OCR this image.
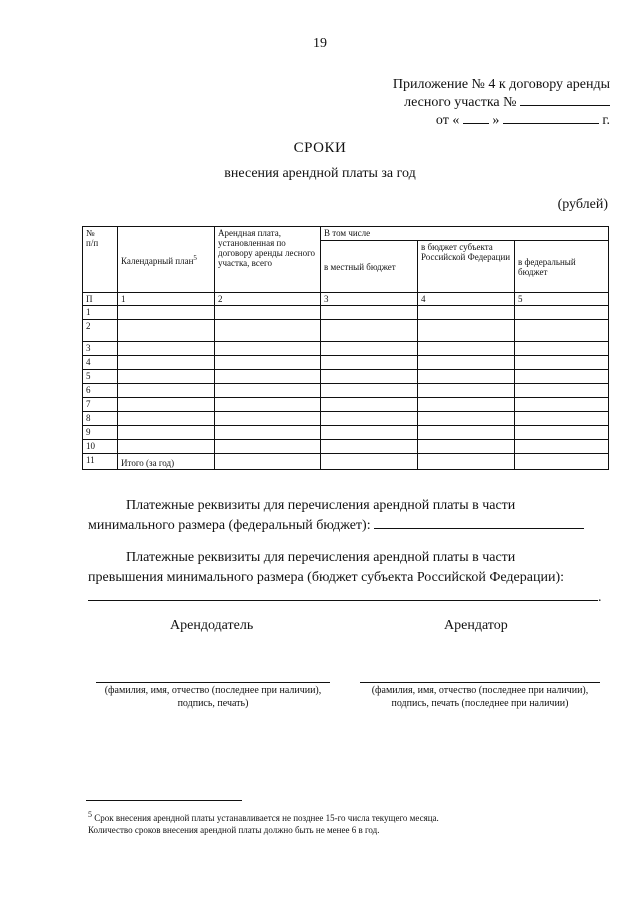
19
Приложение № 4 к договору аренды
лесного участка №
от « »	г.
СРОКИ
внесения арендной платы за год
(рублей)
№
п/п	Календарный план$^5$	Арендная плата, установленная по договору аренды лесного участка, всего	В том числе		
			в местный бюджет	в бюджет субъекта Российской Федерации	в федеральный бюджет
П	1	2	3	4	5
1					
2					
3					
4					
5					
6					
7					
8					
9					
10					
11	Итого (за год)				
Платежные реквизиты для перечисления арендной платы в части
минимального размера (федеральный бюджет):
Платежные реквизиты для перечисления арендной платы в части
превышения минимального размера (бюджет субъекта Российской Федерации):
.
Арендодатель	Арендатор
(фамилия, имя, отчество (последнее при наличии),
подпись, печать)
(фамилия, имя, отчество (последнее при наличии),
подпись, печать (последнее при наличии)
$^5$ Срок внесения арендной платы устанавливается не позднее 15-го числа текущего месяца.
Количество сроков внесения арендной платы должно быть не менее 6 в год.
